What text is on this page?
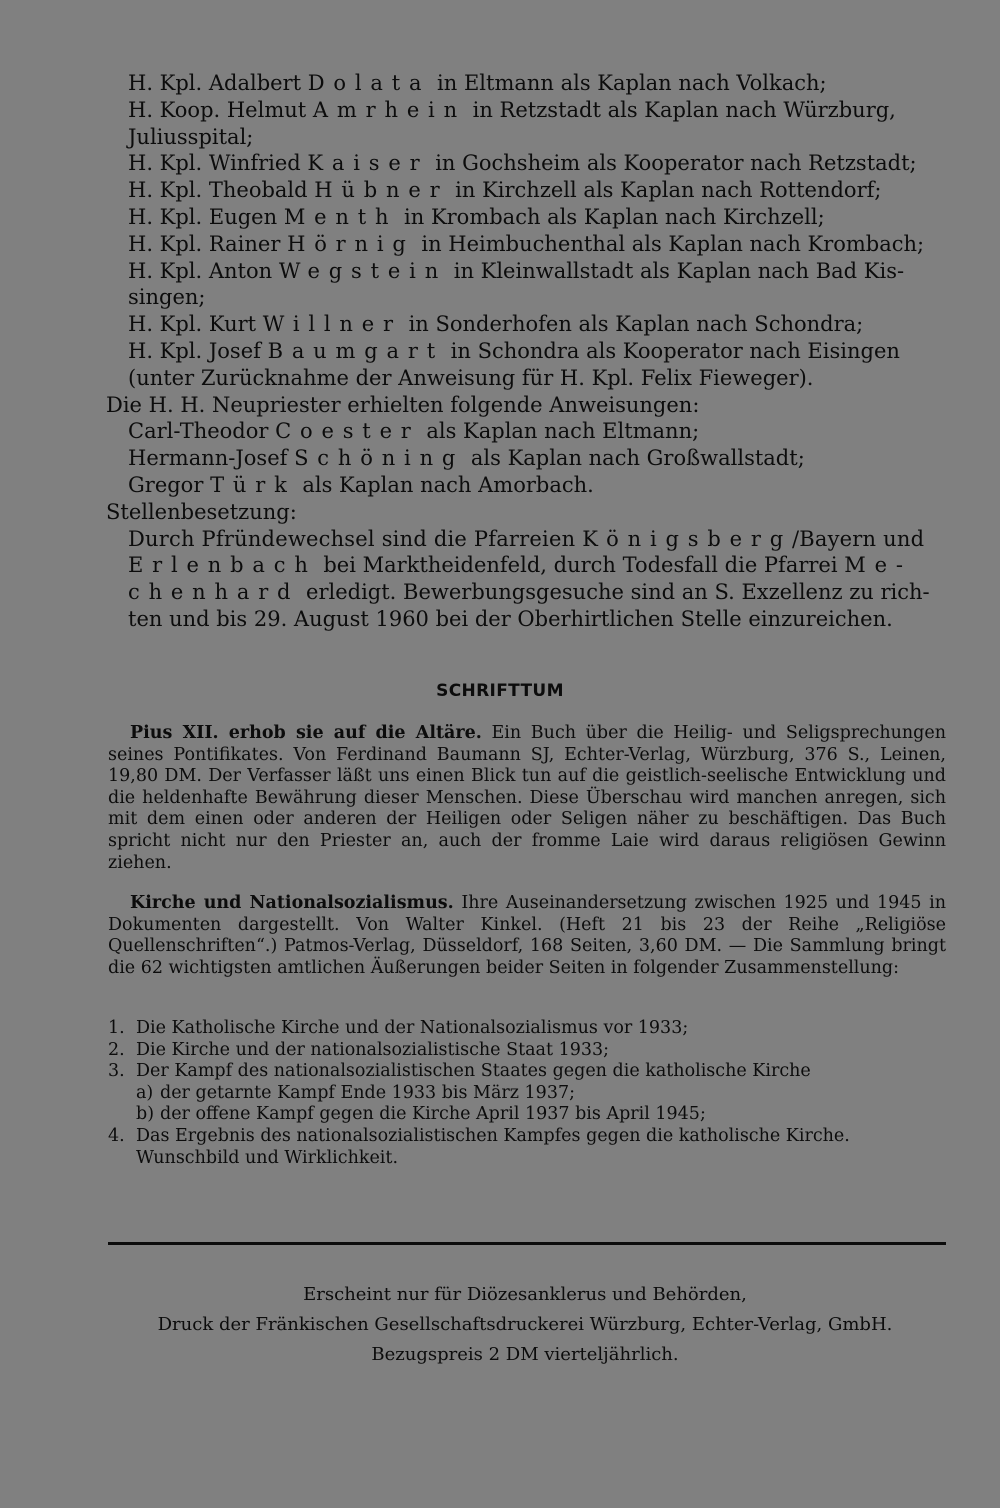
H. Kpl. Adalbert Dolata in Eltmann als Kaplan nach Volkach;
H. Koop. Helmut Amrhein in Retzstadt als Kaplan nach Würzburg,
Juliusspital;
H. Kpl. Winfried Kaiser in Gochsheim als Kooperator nach Retzstadt;
H. Kpl. Theobald Hübner in Kirchzell als Kaplan nach Rottendorf;
H. Kpl. Eugen Menth in Krombach als Kaplan nach Kirchzell;
H. Kpl. Rainer Hörnig in Heimbuchenthal als Kaplan nach Krombach;
H. Kpl. Anton Wegstein in Kleinwallstadt als Kaplan nach Bad Kis-
singen;
H. Kpl. Kurt Willner in Sonderhofen als Kaplan nach Schondra;
H. Kpl. Josef Baumgart in Schondra als Kooperator nach Eisingen
(unter Zurücknahme der Anweisung für H. Kpl. Felix Fieweger).
Die H. H. Neupriester erhielten folgende Anweisungen:
Carl-Theodor Coester als Kaplan nach Eltmann;
Hermann-Josef Schöning als Kaplan nach Großwallstadt;
Gregor Türk als Kaplan nach Amorbach.
Stellenbesetzung:
Durch Pfründewechsel sind die Pfarreien Königsberg/Bayern und
Erlenbach bei Marktheidenfeld, durch Todesfall die Pfarrei Me-
chenhard erledigt. Bewerbungsgesuche sind an S. Exzellenz zu rich-
ten und bis 29. August 1960 bei der Oberhirtlichen Stelle einzureichen.
SCHRIFTTUM

Pius XII. erhob sie auf die Altäre. Ein Buch über die Heilig- und Seligsprechungen seines Pontifikates. Von Ferdinand Baumann SJ, Echter-Verlag, Würzburg, 376 S., Leinen, 19,80 DM. Der Verfasser läßt uns einen Blick tun auf die geistlich-seelische Entwicklung und die heldenhafte Bewährung dieser Menschen. Diese Überschau wird manchen anregen, sich mit dem einen oder anderen der Heiligen oder Seligen näher zu beschäftigen. Das Buch spricht nicht nur den Priester an, auch der fromme Laie wird daraus religiösen Gewinn ziehen.

Kirche und Nationalsozialismus. Ihre Auseinandersetzung zwischen 1925 und 1945 in Dokumenten dargestellt. Von Walter Kinkel. (Heft 21 bis 23 der Reihe „Religiöse Quellenschriften“.) Patmos-Verlag, Düsseldorf, 168 Seiten, 3,60 DM. — Die Sammlung bringt die 62 wichtigsten amtlichen Äußerungen beider Seiten in folgender Zusammenstellung:

1. Die Katholische Kirche und der Nationalsozialismus vor 1933;
2. Die Kirche und der nationalsozialistische Staat 1933;
3. Der Kampf des nationalsozialistischen Staates gegen die katholische Kirche
a) der getarnte Kampf Ende 1933 bis März 1937;
b) der offene Kampf gegen die Kirche April 1937 bis April 1945;
4. Das Ergebnis des nationalsozialistischen Kampfes gegen die katholische Kirche. Wunschbild und Wirklichkeit.
Erscheint nur für Diözesanklerus und Behörden,
Druck der Fränkischen Gesellschaftsdruckerei Würzburg, Echter-Verlag, GmbH.
Bezugspreis 2 DM vierteljährlich.
